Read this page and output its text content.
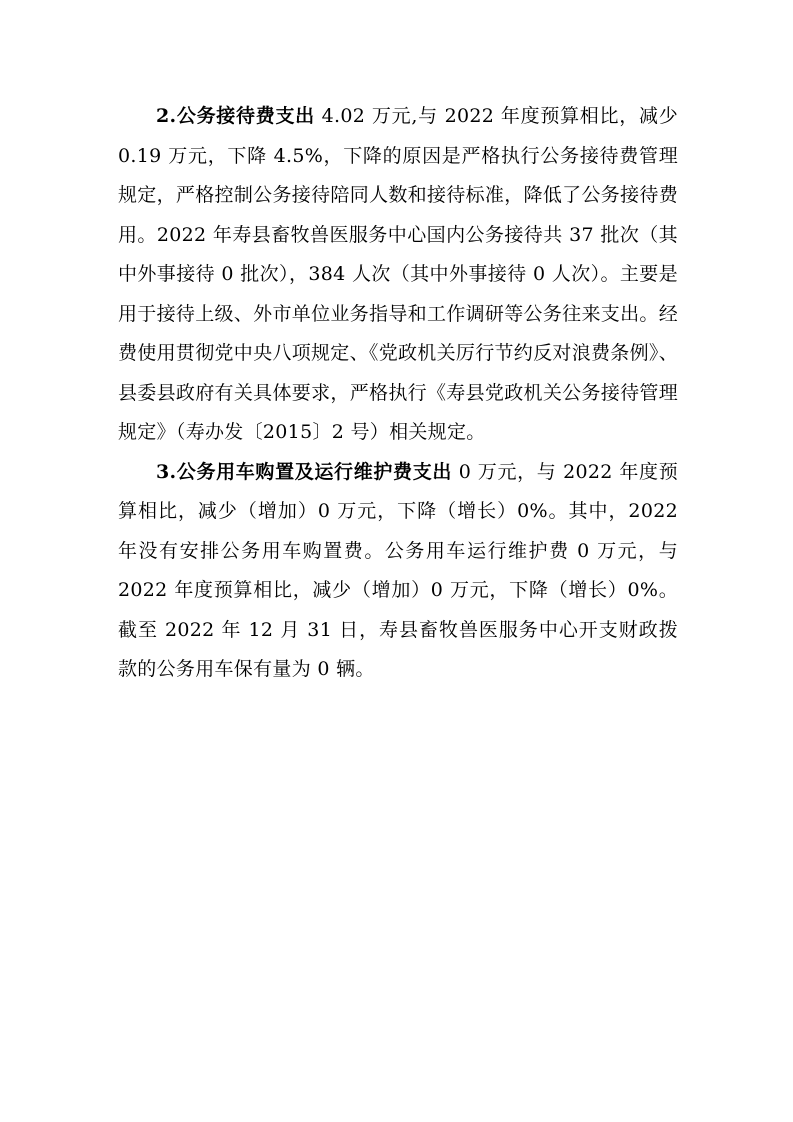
2.公务接待费支出 4.02 万元,与 2022 年度预算相比，减少 0.19 万元，下降 4.5%，下降的原因是严格执行公务接待费管理规定，严格控制公务接待陪同人数和接待标准，降低了公务接待费用。2022 年寿县畜牧兽医服务中心国内公务接待共 37 批次（其中外事接待 0 批次），384 人次（其中外事接待 0 人次）。主要是用于接待上级、外市单位业务指导和工作调研等公务往来支出。经费使用贯彻党中央八项规定、《党政机关厉行节约反对浪费条例》、县委县政府有关具体要求，严格执行《寿县党政机关公务接待管理规定》（寿办发〔2015〕2 号）相关规定。

3.公务用车购置及运行维护费支出 0 万元，与 2022 年度预算相比，减少（增加）0 万元，下降（增长）0%。其中，2022 年没有安排公务用车购置费。公务用车运行维护费 0 万元，与 2022 年度预算相比，减少（增加）0 万元，下降（增长）0%。截至 2022 年 12 月 31 日，寿县畜牧兽医服务中心开支财政拨款的公务用车保有量为 0 辆。
